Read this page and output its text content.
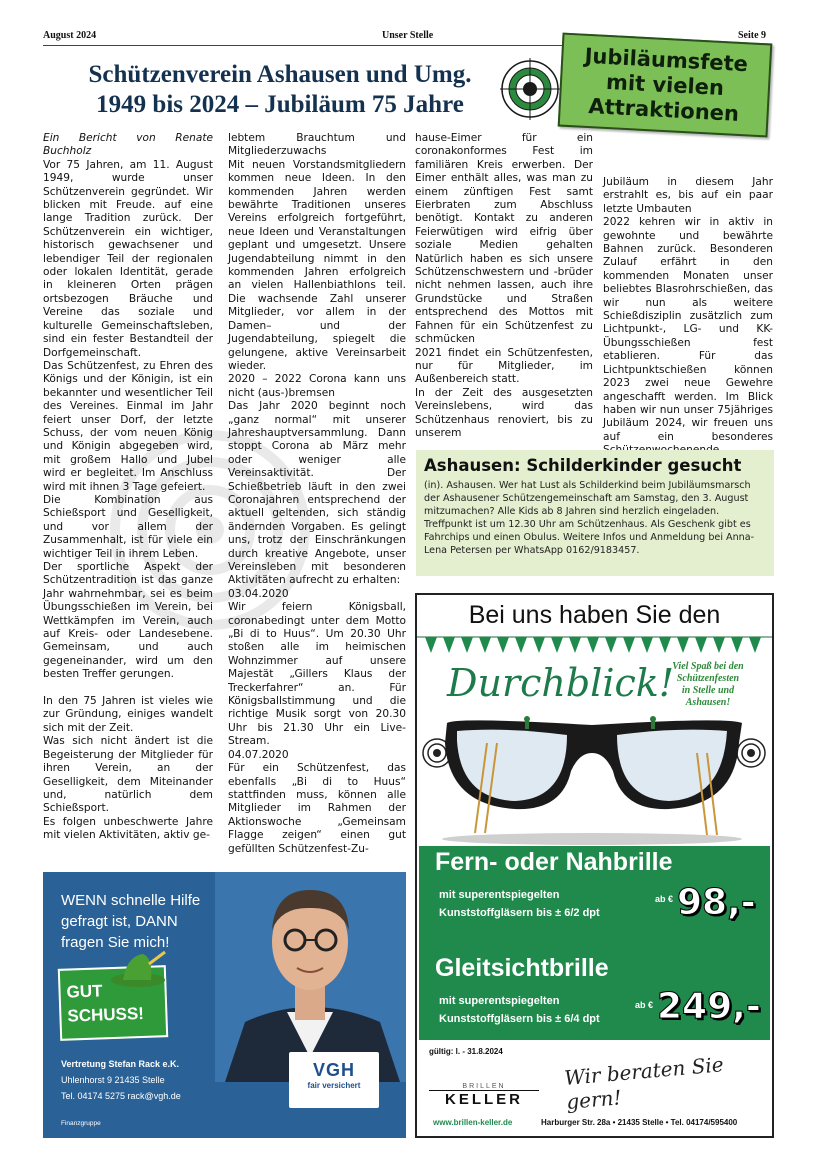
August 2024	Unser Stelle	Seite 9
Schützenverein Ashausen und Umg.
1949 bis 2024 – Jubiläum 75 Jahre
Jubiläumsfete
mit vielen
Attraktionen
Ein Bericht von Renate Buchholz
Vor 75 Jahren, am 11. August 1949, wurde unser Schützenverein gegründet. Wir blicken mit Freude. auf eine lange Tradition zurück. Der Schützenverein ein wichtiger, historisch gewachsener und lebendiger Teil der regionalen oder lokalen Identität, gerade in kleineren Orten prägen ortsbezogen Bräuche und Vereine das soziale und kulturelle Gemeinschaftsleben, sind ein fester Bestandteil der Dorfgemeinschaft.
Das Schützenfest, zu Ehren des Königs und der Königin, ist ein bekannter und wesentlicher Teil des Vereines. Einmal im Jahr feiert unser Dorf, der letzte Schuss, der vom neuen König und Königin abgegeben wird, mit großem Hallo und Jubel wird er begleitet. Im Anschluss wird mit ihnen 3 Tage gefeiert.
Die Kombination aus Schießsport und Geselligkeit, und vor allem der Zusammenhalt, ist für viele ein wichtiger Teil in ihrem Leben.
Der sportliche Aspekt der Schützentradition ist das ganze Jahr wahrnehmbar, sei es beim Übungsschießen im Verein, bei Wettkämpfen im Verein, auch auf Kreis- oder Landesebene. Gemeinsam, und auch gegeneinander, wird um den besten Treffer gerungen.

In den 75 Jahren ist vieles wie zur Gründung, einiges wandelt sich mit der Zeit.
Was sich nicht ändert ist die Begeisterung der Mitglieder für ihren Verein, an der Geselligkeit, dem Miteinander und, natürlich dem Schießsport.
Es folgen unbeschwerte Jahre mit vielen Aktivitäten, aktiv ge-
lebtem Brauchtum und Mitgliederzuwachs
Mit neuen Vorstandsmitgliedern kommen neue Ideen. In den kommenden Jahren werden bewährte Traditionen unseres Vereins erfolgreich fortgeführt, neue Ideen und Veranstaltungen geplant und umgesetzt. Unsere Jugendabteilung nimmt in den kommenden Jahren erfolgreich an vielen Hallenbiathlons teil. Die wachsende Zahl unserer Mitglieder, vor allem in der Damen– und der Jugendabteilung, spiegelt die gelungene, aktive Vereinsarbeit wieder.
2020 – 2022 Corona kann uns nicht (aus-)bremsen
Das Jahr 2020 beginnt noch „ganz normal“ mit unserer Jahreshauptversammlung. Dann stoppt Corona ab März mehr oder weniger alle Vereinsaktivität. Der Schießbetrieb läuft in den zwei Coronajahren entsprechend der aktuell geltenden, sich ständig ändernden Vorgaben. Es gelingt uns, trotz der Einschränkungen durch kreative Angebote, unser Vereinsleben mit besonderen Aktivitäten aufrecht zu erhalten:
03.04.2020
Wir feiern Königsball, coronabedingt unter dem Motto „Bi di to Huus“. Um 20.30 Uhr stoßen alle im heimischen Wohnzimmer auf unsere Majestät „Gillers Klaus der Treckerfahrer“ an. Für Königsballstimmung und die richtige Musik sorgt von 20.30 Uhr bis 21.30 Uhr ein Live-Stream.
04.07.2020
Für ein Schützenfest, das ebenfalls „Bi di to Huus“ stattfinden muss, können alle Mitglieder im Rahmen der Aktionswoche „Gemeinsam Flagge zeigen“ einen gut gefüllten Schützenfest-Zu-
hause-Eimer für ein coronakonformes Fest im familiären Kreis erwerben. Der Eimer enthält alles, was man zu einem zünftigen Fest samt Eierbraten zum Abschluss benötigt. Kontakt zu anderen Feierwütigen wird eifrig über soziale Medien gehalten Natürlich haben es sich unsere Schützenschwestern und -brüder nicht nehmen lassen, auch ihre Grundstücke und Straßen entsprechend des Mottos mit Fahnen für ein Schützenfest zu schmücken
2021 findet ein Schützenfesten, nur für Mitglieder, im Außenbereich statt.
In der Zeit des ausgesetzten Vereinslebens, wird das Schützenhaus renoviert, bis zu unserem
Jubiläum in diesem Jahr erstrahlt es, bis auf ein paar letzte Umbauten
2022 kehren wir in aktiv in gewohnte und bewährte Bahnen zurück. Besonderen Zulauf erfährt in den kommenden Monaten unser beliebtes Blasrohrschießen, das wir nun als weitere Schießdisziplin zusätzlich zum Lichtpunkt-, LG- und KK-Übungsschießen fest etablieren. Für das Lichtpunktschießen können 2023 zwei neue Gewehre angeschafft werden. Im Blick haben wir nun unser 75jähriges Jubiläum 2024, wir freuen uns auf ein besonderes
Ashausen: Schilderkinder gesucht
(in). Ashausen. Wer hat Lust als Schilderkind beim Jubiläumsmarsch der Ashausener Schützengemeinschaft am Samstag, den 3. August mitzumachen? Alle Kids ab 8 Jahren sind herzlich eingeladen. Treffpunkt ist um 12.30 Uhr am Schützenhaus. Als Geschenk gibt es Fahrchips und einen Obulus. Weitere Infos und Anmeldung bei Anna-Lena Petersen per WhatsApp 0162/9183457.
WENN schnelle Hilfe
gefragt ist, DANN
fragen Sie mich!
GUT
SCHUSS!
Vertretung Stefan Rack e.K.
Uhlenhorst 9 21435 Stelle
Tel. 04174 5275 rack@vgh.de
Finanzgruppe
VGH
fair versichert
Bei uns haben Sie den
Durchblick!
Viel Spaß bei den
Schützenfesten
in Stelle und
Ashausen!
Fern- oder Nahbrille
mit superentspiegelten
Kunststoffgläsern bis ± 6/2 dpt
ab € 98,-
Gleitsichtbrille
mit superentspiegelten
Kunststoffgläsern bis ± 6/4 dpt
ab € 249,-
gültig: l. - 31.8.2024
BRILLEN
KELLER
Wir beraten Sie gern!
www.brillen-keller.de	Harburger Str. 28a • 21435 Stelle • Tel. 04174/595400
